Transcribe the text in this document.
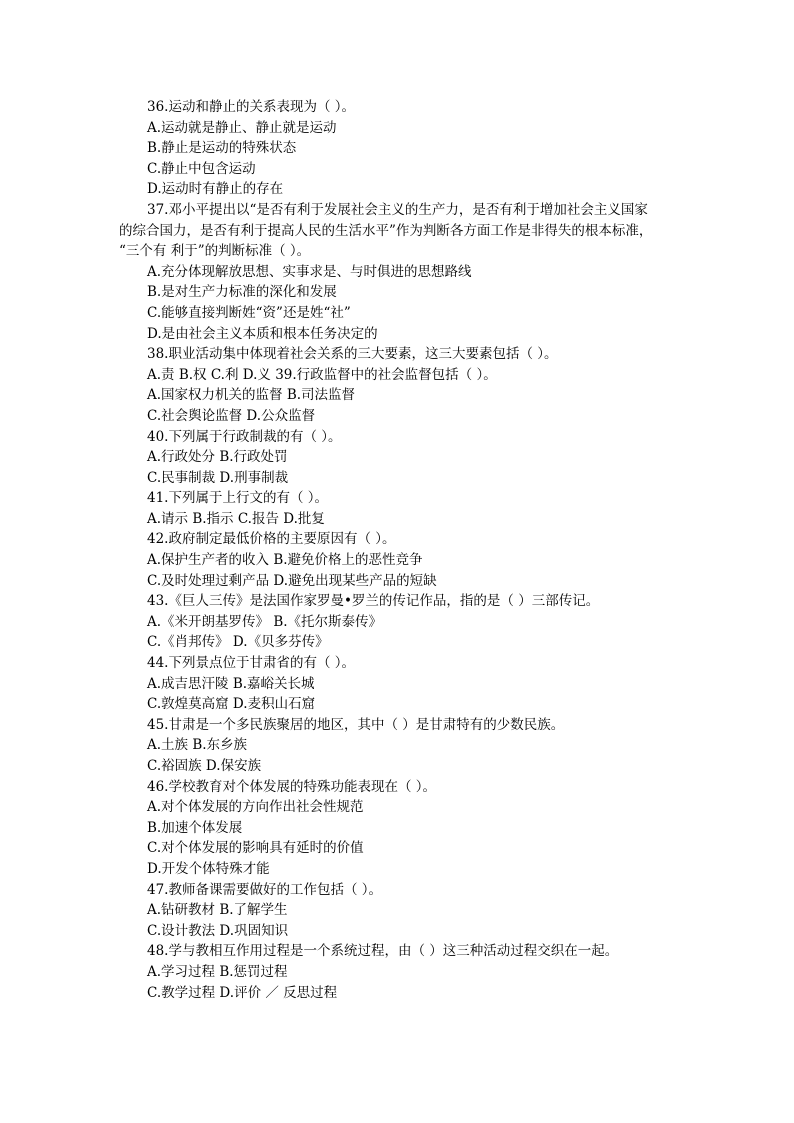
36.运动和静止的关系表现为（ ）。
A.运动就是静止、静止就是运动
B.静止是运动的特殊状态
C.静止中包含运动
D.运动时有静止的存在
37.邓小平提出以“是否有利于发展社会主义的生产力，是否有利于增加社会主义国家
的综合国力，是否有利于提高人民的生活水平”作为判断各方面工作是非得失的根本标准，
“三个有 利于”的判断标准（ ）。
A.充分体现解放思想、实事求是、与时俱进的思想路线
B.是对生产力标准的深化和发展
C.能够直接判断姓“资”还是姓“社”
D.是由社会主义本质和根本任务决定的
38.职业活动集中体现着社会关系的三大要素，这三大要素包括（ ）。
A.责 B.权 C.利 D.义 39.行政监督中的社会监督包括（ ）。
A.国家权力机关的监督 B.司法监督
C.社会舆论监督 D.公众监督
40.下列属于行政制裁的有（ ）。
A.行政处分 B.行政处罚
C.民事制裁 D.刑事制裁
41.下列属于上行文的有（ ）。
A.请示 B.指示 C.报告 D.批复
42.政府制定最低价格的主要原因有（ ）。
A.保护生产者的收入 B.避免价格上的恶性竞争
C.及时处理过剩产品 D.避免出现某些产品的短缺
43.《巨人三传》是法国作家罗曼•罗兰的传记作品，指的是（ ）三部传记。
A.《米开朗基罗传》 B.《托尔斯泰传》
C.《肖邦传》 D.《贝多芬传》
44.下列景点位于甘肃省的有（ ）。
A.成吉思汗陵 B.嘉峪关长城
C.敦煌莫高窟 D.麦积山石窟
45.甘肃是一个多民族聚居的地区，其中（ ）是甘肃特有的少数民族。
A.土族 B.东乡族
C.裕固族 D.保安族
46.学校教育对个体发展的特殊功能表现在（ ）。
A.对个体发展的方向作出社会性规范
B.加速个体发展
C.对个体发展的影响具有延时的价值
D.开发个体特殊才能
47.教师备课需要做好的工作包括（ ）。
A.钻研教材 B.了解学生
C.设计教法 D.巩固知识
48.学与教相互作用过程是一个系统过程，由（ ）这三种活动过程交织在一起。
A.学习过程 B.惩罚过程
C.教学过程 D.评价 ／ 反思过程
